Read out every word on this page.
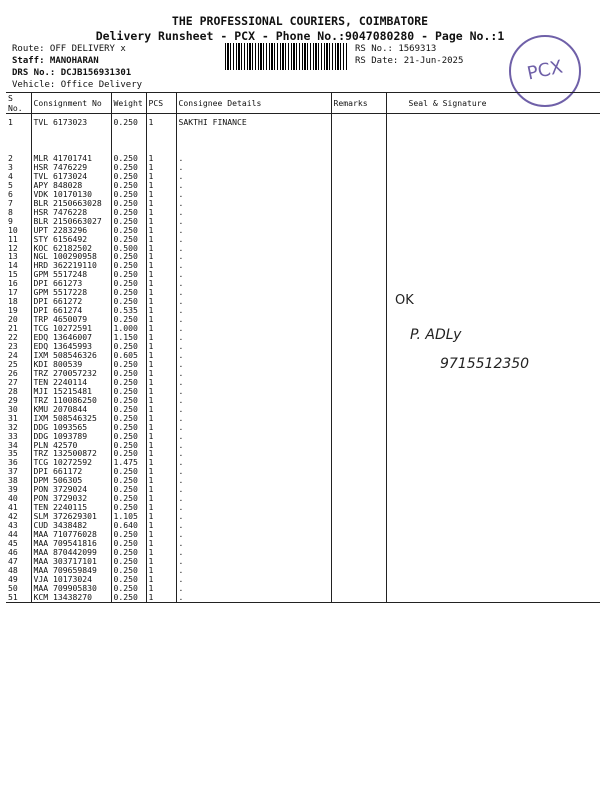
THE PROFESSIONAL COURIERS, COIMBATORE
Delivery Runsheet - PCX - Phone No.:9047080280 - Page No.:1
Route: OFF DELIVERY x
Staff: MANOHARAN
DRS No.: DCJB156931301
Vehicle: Office Delivery
RS No.: 1569313
RS Date: 21-Jun-2025	PCX
S No.	Consignment No	Weight	PCS	Consignee Details	Remarks	Seal & Signature
1	TVL 6173023	0.250	1	SAKTHI FINANCE		
2	MLR 41701741	0.250	1	.		
3	HSR 7476229	0.250	1	.		
4	TVL 6173024	0.250	1	.		
5	APY 848028	0.250	1	.		
6	VDK 10170130	0.250	1	.		
7	BLR 2150663028	0.250	1	.		
8	HSR 7476228	0.250	1	.		
9	BLR 2150663027	0.250	1	.		
10	UPT 2283296	0.250	1	.		
11	STY 6156492	0.250	1	.		
12	KOC 62182502	0.500	1	.		
13	NGL 100290958	0.250	1	.		
14	HRD 362219110	0.250	1	.		
15	GPM 5517248	0.250	1	.		
16	DPI 661273	0.250	1	.		
17	GPM 5517228	0.250	1	.		
18	DPI 661272	0.250	1	.		
19	DPI 661274	0.535	1	.		
20	TRP 4650079	0.250	1	.		
21	TCG 10272591	1.000	1	.		
22	EDQ 13646007	1.150	1	.		
23	EDQ 13645993	0.250	1	.		
24	IXM 508546326	0.605	1	.		
25	KDI 800539	0.250	1	.		
26	TRZ 270057232	0.250	1	.		
27	TEN 2240114	0.250	1	.		
28	MJI 15215481	0.250	1	.		
29	TRZ 110086250	0.250	1	.		
30	KMU 2070844	0.250	1	.		
31	IXM 508546325	0.250	1	.		
32	DDG 1093565	0.250	1	.		
33	DDG 1093789	0.250	1	.		
34	PLN 42570	0.250	1	.		
35	TRZ 132500872	0.250	1	.		
36	TCG 10272592	1.475	1	.		
37	DPI 661172	0.250	1	.		
38	DPM 506305	0.250	1	.		
39	PON 3729024	0.250	1	.		
40	PON 3729032	0.250	1	.		
41	TEN 2240115	0.250	1	.		
42	SLM 372629301	1.105	1	.		
43	CUD 3438482	0.640	1	.		
44	MAA 710776028	0.250	1	.		
45	MAA 709541816	0.250	1	.		
46	MAA 870442099	0.250	1	.		
47	MAA 303717101	0.250	1	.		
48	MAA 709659849	0.250	1	.		
49	VJA 10173024	0.250	1	.		
50	MAA 709905830	0.250	1	.		
51	KCM 13438270	0.250	1	.		
OK
P. ADLy
9715512350
